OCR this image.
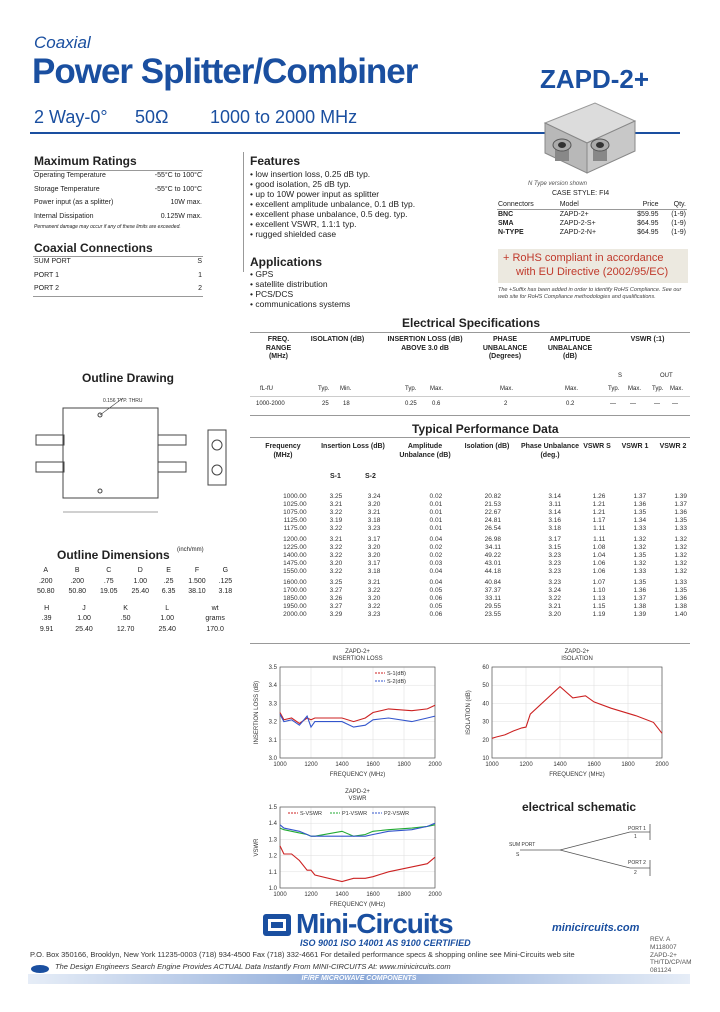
Coaxial
Power Splitter/Combiner	ZAPD-2+
2 Way-0° 50Ω 1000 to 2000 MHz
Maximum Ratings
Operating Temperature	-55°C to 100°C
Storage Temperature	-55°C to 100°C
Power input (as a splitter)	10W max.
Internal Dissipation	0.125W max.
Permanent damage may occur if any of these limits are exceeded.
Coaxial Connections
SUM PORT	S
PORT 1	1
PORT 2	2
Features
• low insertion loss, 0.25 dB typ.
• good isolation, 25 dB typ.
• up to 10W power input as splitter
• excellent amplitude unbalance, 0.1 dB typ.
• excellent phase unbalance, 0.5 deg. typ.
• excellent VSWR, 1.1:1 typ.
• rugged shielded case
Applications
• GPS
• satellite distribution
• PCS/DCS
• communications systems
N Type version shown
CASE STYLE: FI4
Connectors	Model	Price	Qty.
BNC	ZAPD-2+	$59.95	(1-9)
SMA	ZAPD-2-S+	$64.95	(1-9)
N-TYPE	ZAPD-2-N+	$64.95	(1-9)
+ RoHS compliant in accordance
with EU Directive (2002/95/EC)
The +Suffix has been added in order to identify RoHS Compliance. See our web site for RoHS Compliance methodologies and qualifications.
Electrical Specifications
FREQ. RANGE (MHz)
ISOLATION (dB)	INSERTION LOSS (dB) ABOVE 3.0 dB
PHASE UNBALANCE (Degrees)
AMPLITUDE UNBALANCE (dB)
VSWR (:1)
S	OUT
fL-fU	Typ. Min.	Typ. Max.	Max.	Max.	Typ. Max. Typ. Max.
1000-2000	25 18	0.25	0.6	2	0.2	— —	— —
Outline Drawing
0.156 TYP. THRU
Outline Dimensions (inch/mm)
A	B	C	D	E	F	G
.200	.200	.75	1.00	.25	1.500	.125
50.80	50.80	19.05	25.40	6.35	38.10	3.18
H	J	K	L		wt
.39	1.00	.50	1.00		grams
9.91	25.40	12.70	25.40		170.0
Typical Performance Data
Frequency (MHz)
Insertion Loss (dB)	Amplitude Unbalance (dB)
Isolation (dB)	Phase Unbalance (deg.)
VSWR S VSWR 1 VSWR 2
S-1	S-2
1000.00	3.25	3.24	0.02	20.82	3.14	1.26	1.37	1.39
1025.00	3.21	3.20	0.01	21.53	3.11	1.21	1.36	1.37
1075.00	3.22	3.21	0.01	22.67	3.14	1.21	1.35	1.36
1125.00	3.19	3.18	0.01	24.81	3.16	1.17	1.34	1.35
1175.00	3.22	3.23	0.01	26.54	3.18	1.11	1.33	1.33

1200.00	3.21	3.17	0.04	26.98	3.17	1.11	1.32	1.32
1225.00	3.22	3.20	0.02	34.11	3.15	1.08	1.32	1.32
1400.00	3.22	3.20	0.02	49.22	3.23	1.04	1.35	1.32
1475.00	3.20	3.17	0.03	43.01	3.23	1.06	1.32	1.32
1550.00	3.22	3.18	0.04	44.18	3.23	1.06	1.33	1.32

1600.00	3.25	3.21	0.04	40.84	3.23	1.07	1.35	1.33
1700.00	3.27	3.22	0.05	37.37	3.24	1.10	1.36	1.35
1850.00	3.26	3.20	0.06	33.11	3.22	1.13	1.37	1.36
1950.00	3.27	3.22	0.05	29.55	3.21	1.15	1.38	1.38
2000.00	3.29	3.23	0.06	23.55	3.20	1.19	1.39	1.40
ZAPD-2+
INSERTION LOSS
3.5
3.4
3.3
3.2
3.1
3.0
1000	1200	1400	1600	1800	2000
FREQUENCY (MHz)
INSERTION LOSS (dB)
S-1(dB)
S-2(dB)
ZAPD-2+
ISOLATION
60
50
40
30
20
10
1000	1200	1400	1600	1800	2000
FREQUENCY (MHz)
ISOLATION (dB)
ZAPD-2+
VSWR
1.5
1.4
1.3
1.2
1.1
1.0
1000	1200	1400	1600	1800	2000
FREQUENCY (MHz)
VSWR
S-VSWR	P1-VSWR	P2-VSWR	electrical schematic
PORT 1
PORT 2
SUM PORT
S
1
2
Mini-Circuits
ISO 9001 ISO 14001 AS 9100 CERTIFIED
minicircuits.com
P.O. Box 350166, Brooklyn, New York 11235-0003 (718) 934-4500 Fax (718) 332-4661 For detailed performance specs & shopping online see Mini-Circuits web site
The Design Engineers Search Engine Provides ACTUAL Data Instantly From MINI-CIRCUITS At: www.minicircuits.com
REV. A
M118007
ZAPD-2+
TH/TD/CP/AM
081124
IF/RF MICROWAVE COMPONENTS
